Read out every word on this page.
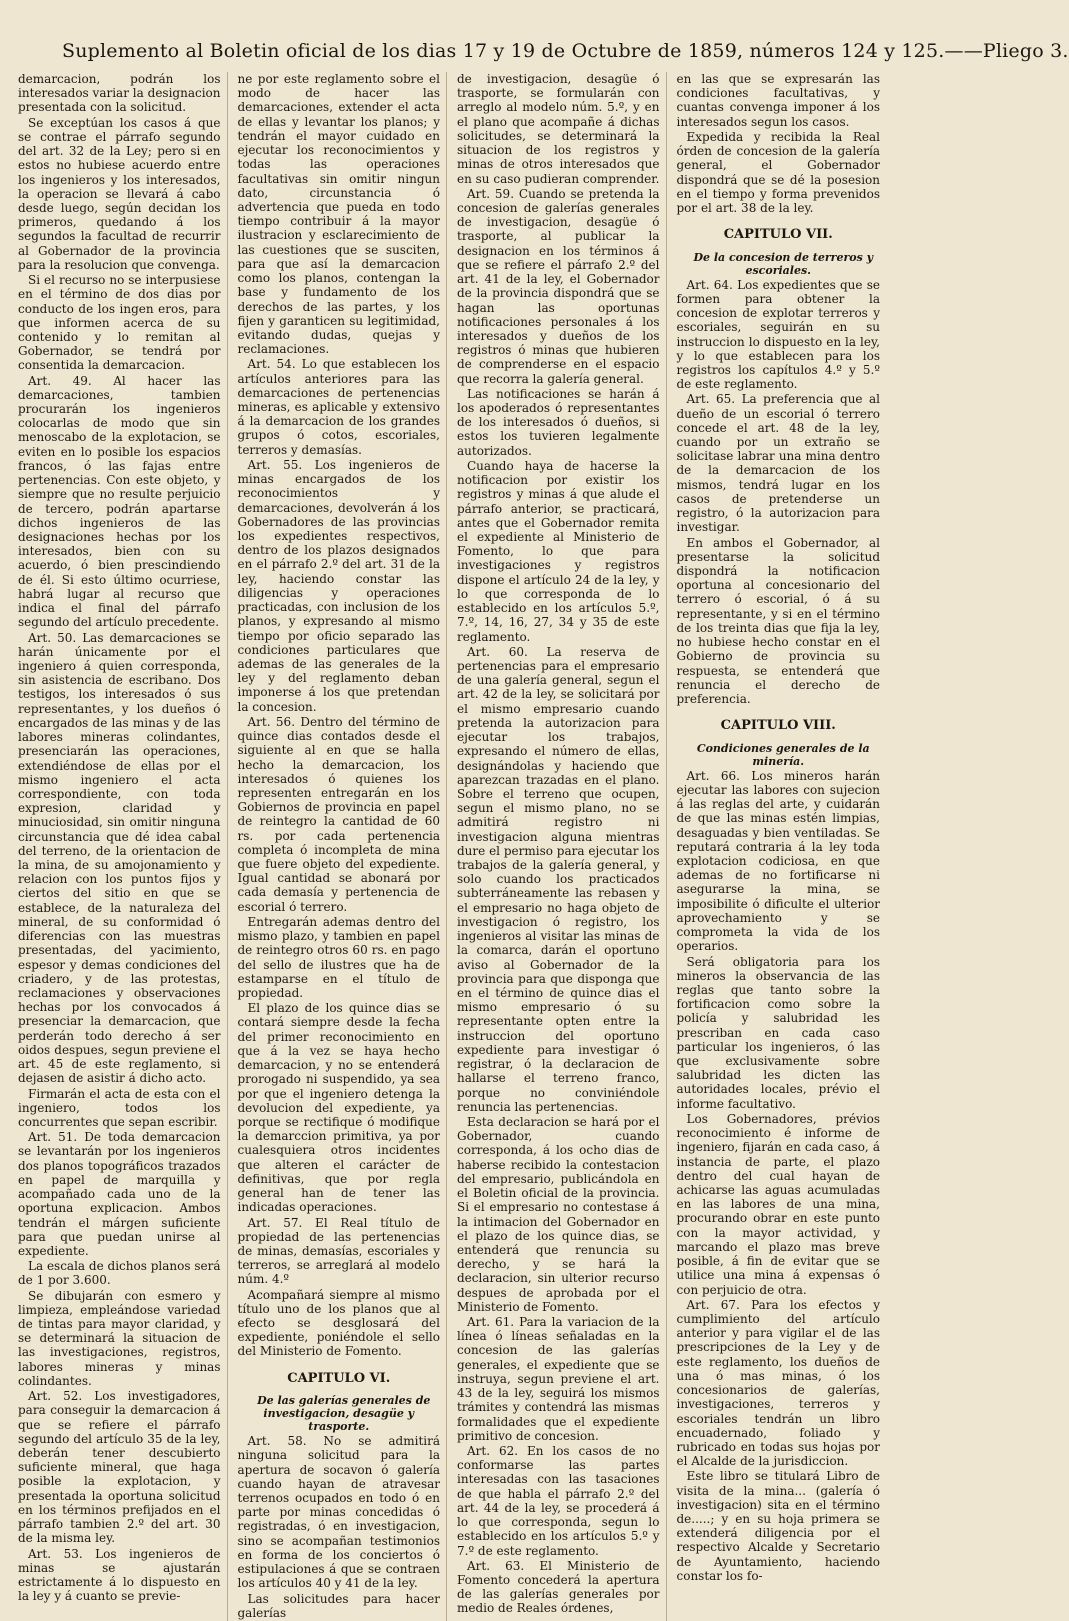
Suplemento al Boletin oficial de los dias 17 y 19 de Octubre de 1859, números 124 y 125.——Pliego 3.

demarcacion, podrán los interesados variar la designacion presentada con la solicitud.

Se exceptúan los casos á que se contrae el párrafo segundo del art. 32 de la Ley; pero si en estos no hubiese acuerdo entre los ingenieros y los interesados, la operacion se llevará á cabo desde luego, según decidan los primeros, quedando á los segundos la facultad de recurrir al Gobernador de la provincia para la resolucion que convenga.

Si el recurso no se interpusiese en el término de dos dias por conducto de los ingen eros, para que informen acerca de su contenido y lo remitan al Gobernador, se tendrá por consentida la demarcacion.

Art. 49. Al hacer las demarcaciones, tambien procurarán los ingenieros colocarlas de modo que sin menoscabo de la explotacion, se eviten en lo posible los espacios francos, ó las fajas entre pertenencias. Con este objeto, y siempre que no resulte perjuicio de tercero, podrán apartarse dichos ingenieros de las designaciones hechas por los interesados, bien con su acuerdo, ó bien prescindiendo de él. Si esto último ocurriese, habrá lugar al recurso que indica el final del párrafo segundo del artículo precedente.

Art. 50. Las demarcaciones se harán únicamente por el ingeniero á quien corresponda, sin asistencia de escribano. Dos testigos, los interesados ó sus representantes, y los dueños ó encargados de las minas y de las labores mineras colindantes, presenciarán las operaciones, extendiéndose de ellas por el mismo ingeniero el acta correspondiente, con toda expresion, claridad y minuciosidad, sin omitir ninguna circunstancia que dé idea cabal del terreno, de la orientacion de la mina, de su amojonamiento y relacion con los puntos fijos y ciertos del sitio en que se establece, de la naturaleza del mineral, de su conformidad ó diferencias con las muestras presentadas, del yacimiento, espesor y demas condiciones del criadero, y de las protestas, reclamaciones y observaciones hechas por los convocados á presenciar la demarcacion, que perderán todo derecho á ser oidos despues, segun previene el art. 45 de este reglamento, si dejasen de asistir á dicho acto.

Firmarán el acta de esta con el ingeniero, todos los concurrentes que sepan escribir.

Art. 51. De toda demarcacion se levantarán por los ingenieros dos planos topográficos trazados en papel de marquilla y acompañado cada uno de la oportuna explicacion. Ambos tendrán el márgen suficiente para que puedan unirse al expediente.

La escala de dichos planos será de 1 por 3.600.

Se dibujarán con esmero y limpieza, empleándose variedad de tintas para mayor claridad, y se determinará la situacion de las investigaciones, registros, labores mineras y minas colindantes.

Art. 52. Los investigadores, para conseguir la demarcacion á que se refiere el párrafo segundo del artículo 35 de la ley, deberán tener descubierto suficiente mineral, que haga posible la explotacion, y presentada la oportuna solicitud en los términos prefijados en el párrafo tambien 2.º del art. 30 de la misma ley.

Art. 53. Los ingenieros de minas se ajustarán estrictamente á lo dispuesto en la ley y á cuanto se previe-

ne por este reglamento sobre el modo de hacer las demarcaciones, extender el acta de ellas y levantar los planos; y tendrán el mayor cuidado en ejecutar los reconocimientos y todas las operaciones facultativas sin omitir ningun dato, circunstancia ó advertencia que pueda en todo tiempo contribuir á la mayor ilustracion y esclarecimiento de las cuestiones que se susciten, para que así la demarcacion como los planos, contengan la base y fundamento de los derechos de las partes, y los fijen y garanticen su legitimidad, evitando dudas, quejas y reclamaciones.

Art. 54. Lo que establecen los artículos anteriores para las demarcaciones de pertenencias mineras, es aplicable y extensivo á la demarcacion de los grandes grupos ó cotos, escoriales, terreros y demasías.

Art. 55. Los ingenieros de minas encargados de los reconocimientos y demarcaciones, devolverán á los Gobernadores de las provincias los expedientes respectivos, dentro de los plazos designados en el párrafo 2.º del art. 31 de la ley, haciendo constar las diligencias y operaciones practicadas, con inclusion de los planos, y expresando al mismo tiempo por oficio separado las condiciones particulares que ademas de las generales de la ley y del reglamento deban imponerse á los que pretendan la concesion.

Art. 56. Dentro del término de quince dias contados desde el siguiente al en que se halla hecho la demarcacion, los interesados ó quienes los representen entregarán en los Gobiernos de provincia en papel de reintegro la cantidad de 60 rs. por cada pertenencia completa ó incompleta de mina que fuere objeto del expediente. Igual cantidad se abonará por cada demasía y pertenencia de escorial ó terrero.

Entregarán ademas dentro del mismo plazo, y tambien en papel de reintegro otros 60 rs. en pago del sello de ilustres que ha de estamparse en el título de propiedad.

El plazo de los quince dias se contará siempre desde la fecha del primer reconocimiento en que á la vez se haya hecho demarcacion, y no se entenderá prorogado ni suspendido, ya sea por que el ingeniero detenga la devolucion del expediente, ya porque se rectifique ó modifique la demarccion primitiva, ya por cualesquiera otros incidentes que alteren el carácter de definitivas, que por regla general han de tener las indicadas operaciones.

Art. 57. El Real título de propiedad de las pertenencias de minas, demasías, escoriales y terreros, se arreglará al modelo núm. 4.º

Acompañará siempre al mismo título uno de los planos que al efecto se desglosará del expediente, poniéndole el sello del Ministerio de Fomento.

CAPITULO VI.

De las galerías generales de investigacion, desagüe y trasporte.

Art. 58. No se admitirá ninguna solicitud para la apertura de socavon ó galería cuando hayan de atravesar terrenos ocupados en todo ó en parte por minas concedidas ó registradas, ó en investigacion, sino se acompañan testimonios en forma de los conciertos ó estipulaciones á que se contraen los artículos 40 y 41 de la ley.

Las solicitudes para hacer galerías

de investigacion, desagüe ó trasporte, se formularán con arreglo al modelo núm. 5.º, y en el plano que acompañe á dichas solicitudes, se determinará la situacion de los registros y minas de otros interesados que en su caso pudieran comprender.

Art. 59. Cuando se pretenda la concesion de galerías generales de investigacion, desagüe ó trasporte, al publicar la designacion en los términos á que se refiere el párrafo 2.º del art. 41 de la ley, el Gobernador de la provincia dispondrá que se hagan las oportunas notificaciones personales á los interesados y dueños de los registros ó minas que hubieren de comprenderse en el espacio que recorra la galería general.

Las notificaciones se harán á los apoderados ó representantes de los interesados ó dueños, si estos los tuvieren legalmente autorizados.

Cuando haya de hacerse la notificacion por existir los registros y minas á que alude el párrafo anterior, se practicará, antes que el Gobernador remita el expediente al Ministerio de Fomento, lo que para investigaciones y registros dispone el artículo 24 de la ley, y lo que corresponda de lo establecido en los artículos 5.º, 7.º, 14, 16, 27, 34 y 35 de este reglamento.

Art. 60. La reserva de pertenencias para el empresario de una galería general, segun el art. 42 de la ley, se solicitará por el mismo empresario cuando pretenda la autorizacion para ejecutar los trabajos, expresando el número de ellas, designándolas y haciendo que aparezcan trazadas en el plano. Sobre el terreno que ocupen, segun el mismo plano, no se admitirá registro ni investigacion alguna mientras dure el permiso para ejecutar los trabajos de la galería general, y solo cuando los practicados subterráneamente las rebasen y el empresario no haga objeto de investigacion ó registro, los ingenieros al visitar las minas de la comarca, darán el oportuno aviso al Gobernador de la provincia para que disponga que en el término de quince dias el mismo empresario ó su representante opten entre la instruccion del oportuno expediente para investigar ó registrar, ó la declaracion de hallarse el terreno franco, porque no conviniéndole renuncia las pertenencias.

Esta declaracion se hará por el Gobernador, cuando corresponda, á los ocho dias de haberse recibido la contestacion del empresario, publicándola en el Boletin oficial de la provincia. Si el empresario no contestase á la intimacion del Gobernador en el plazo de los quince dias, se entenderá que renuncia su derecho, y se hará la declaracion, sin ulterior recurso despues de aprobada por el Ministerio de Fomento.

Art. 61. Para la variacion de la línea ó líneas señaladas en la concesion de las galerías generales, el expediente que se instruya, segun previene el art. 43 de la ley, seguirá los mismos trámites y contendrá las mismas formalidades que el expediente primitivo de concesion.

Art. 62. En los casos de no conformarse las partes interesadas con las tasaciones de que habla el párrafo 2.º del art. 44 de la ley, se procederá á lo que corresponda, segun lo establecido en los artículos 5.º y 7.º de este reglamento.

Art. 63. El Ministerio de Fomento concederá la apertura de las galerías generales por medio de Reales órdenes,

en las que se expresarán las condiciones facultativas, y cuantas convenga imponer á los interesados segun los casos.

Expedida y recibida la Real órden de concesion de la galería general, el Gobernador dispondrá que se dé la posesion en el tiempo y forma prevenidos por el art. 38 de la ley.

CAPITULO VII.

De la concesion de terreros y escoriales.

Art. 64. Los expedientes que se formen para obtener la concesion de explotar terreros y escoriales, seguirán en su instruccion lo dispuesto en la ley, y lo que establecen para los registros los capítulos 4.º y 5.º de este reglamento.

Art. 65. La preferencia que al dueño de un escorial ó terrero concede el art. 48 de la ley, cuando por un extraño se solicitase labrar una mina dentro de la demarcacion de los mismos, tendrá lugar en los casos de pretenderse un registro, ó la autorizacion para investigar.

En ambos el Gobernador, al presentarse la solicitud dispondrá la notificacion oportuna al concesionario del terrero ó escorial, ó á su representante, y si en el término de los treinta dias que fija la ley, no hubiese hecho constar en el Gobierno de provincia su respuesta, se entenderá que renuncia el derecho de preferencia.

CAPITULO VIII.

Condiciones generales de la minería.

Art. 66. Los mineros harán ejecutar las labores con sujecion á las reglas del arte, y cuidarán de que las minas estén limpias, desaguadas y bien ventiladas. Se reputará contraria á la ley toda explotacion codiciosa, en que ademas de no fortificarse ni asegurarse la mina, se imposibilite ó dificulte el ulterior aprovechamiento y se comprometa la vida de los operarios.

Será obligatoria para los mineros la observancia de las reglas que tanto sobre la fortificacion como sobre la policía y salubridad les prescriban en cada caso particular los ingenieros, ó las que exclusivamente sobre salubridad les dicten las autoridades locales, prévio el informe facultativo.

Los Gobernadores, prévios reconocimiento é informe de ingeniero, fijarán en cada caso, á instancia de parte, el plazo dentro del cual hayan de achicarse las aguas acumuladas en las labores de una mina, procurando obrar en este punto con la mayor actividad, y marcando el plazo mas breve posible, á fin de evitar que se utilice una mina á expensas ó con perjuicio de otra.

Art. 67. Para los efectos y cumplimiento del artículo anterior y para vigilar el de las prescripciones de la Ley y de este reglamento, los dueños de una ó mas minas, ó los concesionarios de galerías, investigaciones, terreros y escoriales tendrán un libro encuadernado, foliado y rubricado en todas sus hojas por el Alcalde de la jurisdiccion.

Este libro se titulará Libro de visita de la mina... (galería ó investigacion) sita en el término de.....; y en su hoja primera se extenderá diligencia por el respectivo Alcalde y Secretario de Ayuntamiento, haciendo constar los fo-
